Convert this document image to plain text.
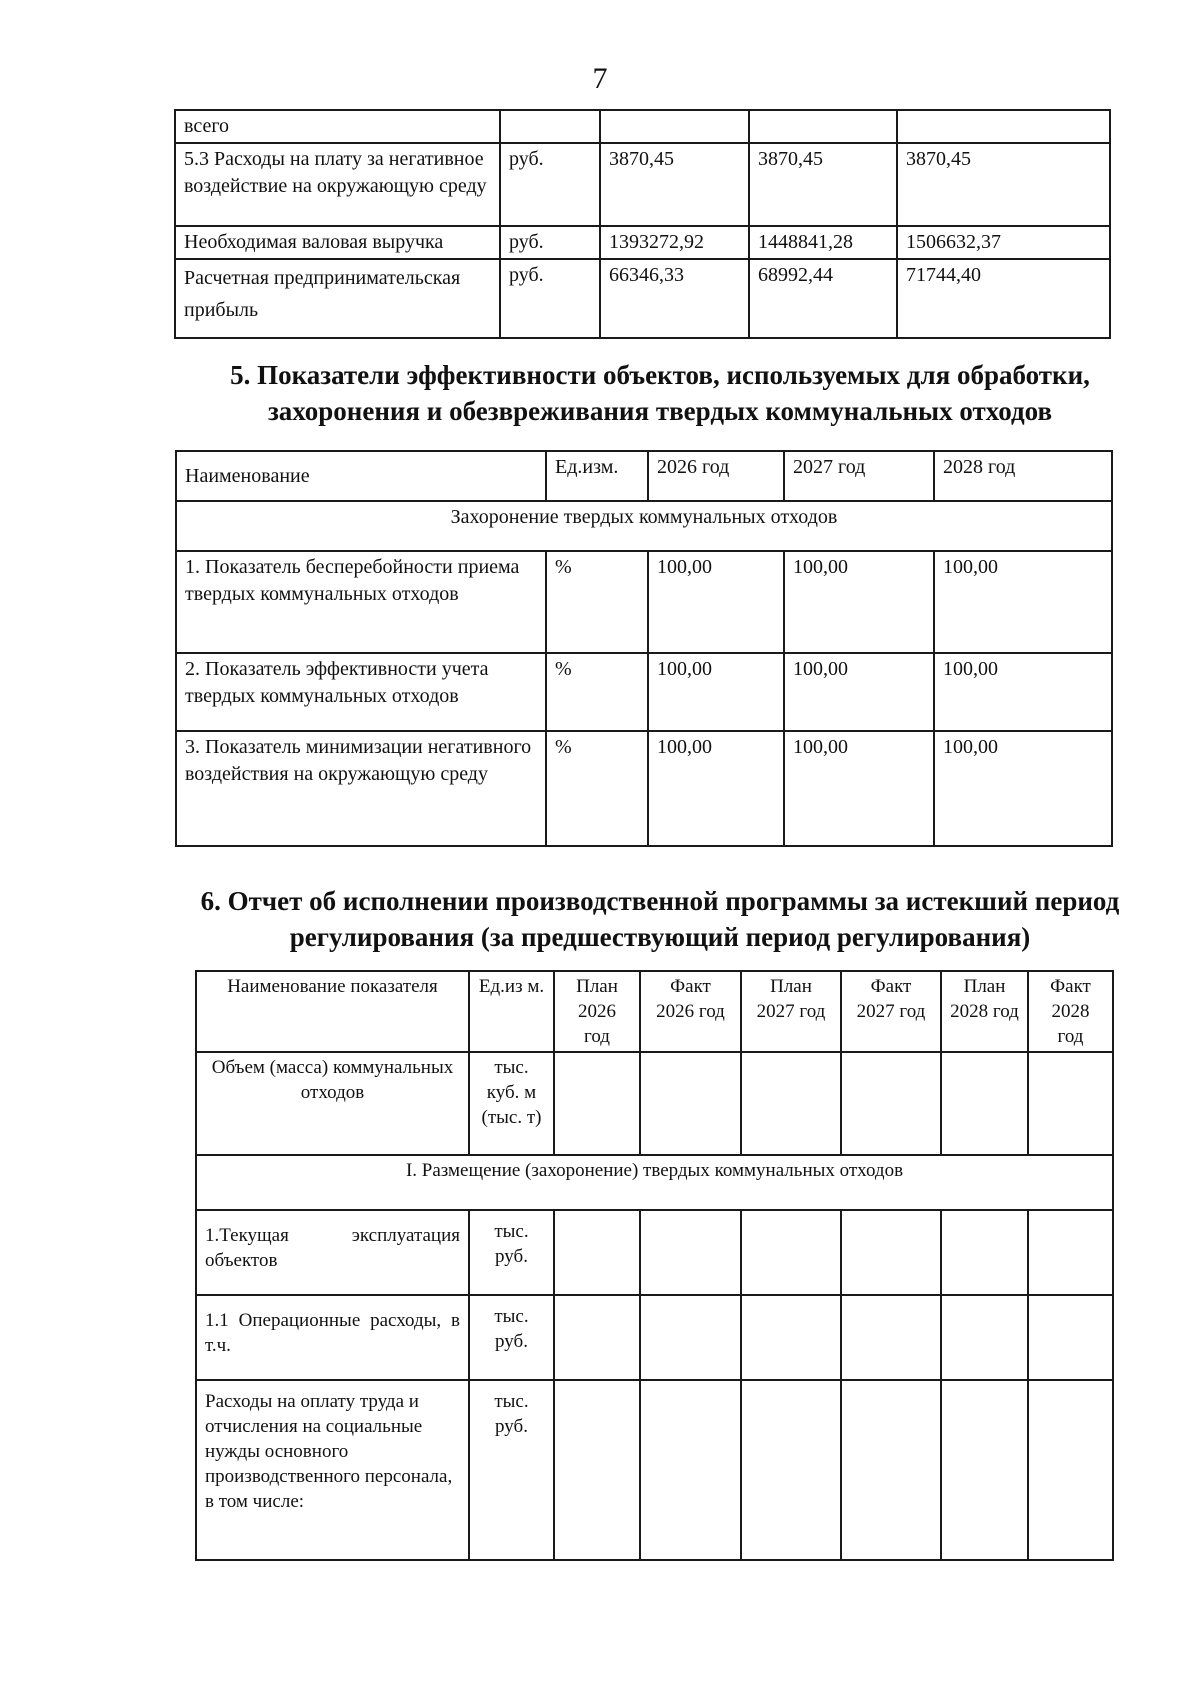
7
всего				
5.3 Расходы на плату за негативное воздействие на окружающую среду	руб.	3870,45	3870,45	3870,45
Необходимая валовая выручка	руб.	1393272,92	1448841,28	1506632,37
Расчетная предпринимательская прибыль	руб.	66346,33	68992,44	71744,40
5. Показатели эффективности объектов, используемых для обработки,
захоронения и обезвреживания твердых коммунальных отходов
Наименование	Ед.изм.	2026 год	2027 год	2028 год
Захоронение твердых коммунальных отходов				
1. Показатель бесперебойности приема твердых коммунальных отходов	%	100,00	100,00	100,00
2. Показатель эффективности учета твердых коммунальных отходов	%	100,00	100,00	100,00
3. Показатель минимизации негативного воздействия на окружающую среду	%	100,00	100,00	100,00
6. Отчет об исполнении производственной программы за истекший период
регулирования (за предшествующий период регулирования)
Наименование показателя	Ед.из м.	План 2026 год	Факт 2026 год	План 2027 год	Факт 2027 год	План 2028 год	Факт 2028 год
Объем (масса) коммунальных отходов	тыс. куб. м (тыс. т)						
I. Размещение (захоронение) твердых коммунальных отходов							
1.Текущая эксплуатация объектов	тыс. руб.						
1.1 Операционные расходы, в т.ч.	тыс. руб.						
Расходы на оплату труда и отчисления на социальные нужды основного производственного персонала, в том числе:	тыс. руб.						
